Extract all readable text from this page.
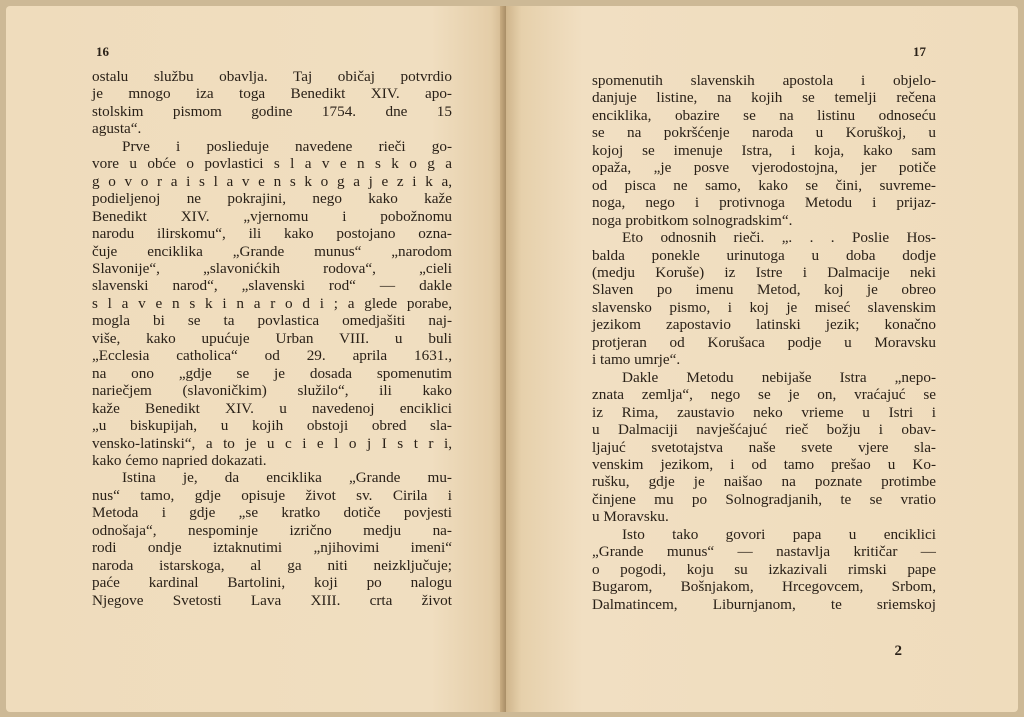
16
ostalu službu obavlja. Taj običaj potvrdio
je mnogo iza toga Benedikt XIV. apo-
stolskim pismom godine 1754. dne 15
agusta“.
Prve i poslieduje navedene rieči go-
vore u obće o povlastici s l a v e n s k o g a
g o v o r a i s l a v e n s k o g a j e z i k a,
podieljenoj ne pokrajini, nego kako kaže
Benedikt XIV. „vjernomu i pobožnomu
narodu ilirskomu“, ili kako postojano ozna-
čuje enciklika „Grande munus“ „narodom
Slavonije“, „slavonićkih rodova“, „cieli
slavenski narod“, „slavenski rod“ — dakle
s l a v e n s k i n a r o d i ; a glede porabe,
mogla bi se ta povlastica omedjašiti naj-
više, kako upućuje Urban VIII. u buli
„Ecclesia catholica“ od 29. aprila 1631.,
na ono „gdje se je dosada spomenutim
nariečjem (slavoničkim) služilo“, ili kako
kaže Benedikt XIV. u navedenoj enciklici
„u biskupijah, u kojih obstoji obred sla-
vensko-latinski“, a to je u c i e l o j I s t r i,
kako ćemo napried dokazati.
Istina je, da enciklika „Grande mu-
nus“ tamo, gdje opisuje život sv. Cirila i
Metoda i gdje „se kratko dotiče povjesti
odnošaja“, nespominje izrično medju na-
rodi ondje iztaknutimi „njihovimi imeni“
naroda istarskoga, al ga niti neizključuje;
paće kardinal Bartolini, koji po nalogu
Njegove Svetosti Lava XIII. crta život
17
spomenutih slavenskih apostola i objelo-
danjuje listine, na kojih se temelji rečena
enciklika, obazire se na listinu odnoseću
se na pokršćenje naroda u Koruškoj, u
kojoj se imenuje Istra, i koja, kako sam
opaža, „je posve vjerodostojna, jer potiče
od pisca ne samo, kako se čini, suvreme-
noga, nego i protivnoga Metodu i prijaz-
noga probitkom solnogradskim“.
Eto odnosnih rieči. „. . . Poslie Hos-
balda ponekle urinutoga u doba dodje
(medju Koruše) iz Istre i Dalmacije neki
Slaven po imenu Metod, koj je obreo
slavensko pismo, i koj je miseć slavenskim
jezikom zapostavio latinski jezik; konačno
protjeran od Korušaca podje u Moravsku
i tamo umrje“.
Dakle Metodu nebijaše Istra „nepo-
znata zemlja“, nego se je on, vraćajuć se
iz Rima, zaustavio neko vrieme u Istri i
u Dalmaciji navješćajuć rieč božju i obav-
ljajuć svetotajstva naše svete vjere sla-
venskim jezikom, i od tamo prešao u Ko-
rušku, gdje je naišao na poznate protimbe
činjene mu po Solnogradjanih, te se vratio
u Moravsku.
Isto tako govori papa u enciklici
„Grande munus“ — nastavlja kritičar —
o pogodi, koju su izkazivali rimski pape
Bugarom, Bošnjakom, Hrcegovcem, Srbom,
Dalmatincem, Liburnjanom, te sriemskoj
2
